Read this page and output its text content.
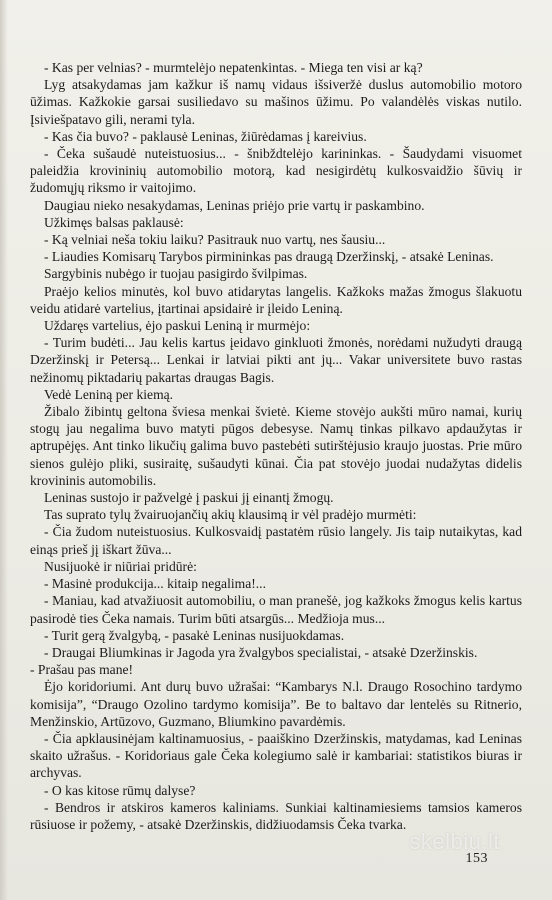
- Kas per velnias? - murmtelėjo nepatenkintas. - Miega ten visi ar ką?

Lyg atsakydamas jam kažkur iš namų vidaus išsiveržė duslus automobilio motoro ūžimas. Kažkokie garsai susiliedavo su mašinos ūžimu. Po valandėlės viskas nutilo. Įsiviešpatavo gili, nerami tyla.

- Kas čia buvo? - paklausė Leninas, žiūrėdamas į kareivius.

- Čeka sušaudė nuteistuosius... - šnibždtelėjo karininkas. - Šaudydami visuomet paleidžia krovininių automobilio motorą, kad nesigirdėtų kulkosvaidžio šūvių ir žudomųjų riksmo ir vaitojimo.

Daugiau nieko nesakydamas, Leninas priėjo prie vartų ir paskambino.

Užkimęs balsas paklausė:

- Ką velniai neša tokiu laiku? Pasitrauk nuo vartų, nes šausiu...

- Liaudies Komisarų Tarybos pirmininkas pas draugą Dzeržinskį, - atsakė Leninas.

Sargybinis nubėgo ir tuojau pasigirdo švilpimas.

Praėjo kelios minutės, kol buvo atidarytas langelis. Kažkoks mažas žmogus šlakuotu veidu atidarė vartelius, įtartinai apsidairė ir įleido Leniną.

Uždaręs vartelius, ėjo paskui Leniną ir murmėjo:

- Turim budėti... Jau kelis kartus įeidavo ginkluoti žmonės, norėdami nužudyti draugą Dzeržinskį ir Petersą... Lenkai ir latviai pikti ant jų... Vakar universitete buvo rastas nežinomų piktadarių pakartas draugas Bagis.

Vedė Leniną per kiemą.

Žibalo žibintų geltona šviesa menkai švietė. Kieme stovėjo aukšti mūro namai, kurių stogų jau negalima buvo matyti pūgos debesyse. Namų tinkas pilkavo apdaužytas ir aptrupėjęs. Ant tinko likučių galima buvo pastebėti sutirštėjusio kraujo juostas. Prie mūro sienos gulėjo pliki, susiraitę, sušaudyti kūnai. Čia pat stovėjo juodai nudažytas didelis krovininis automobilis.

Leninas sustojo ir pažvelgė į paskui jį einantį žmogų.

Tas suprato tylų žvairuojančių akių klausimą ir vėl pradėjo murmėti:

- Čia žudom nuteistuosius. Kulkosvaidį pastatėm rūsio langely. Jis taip nutaikytas, kad einąs prieš jį iškart žūva...

Nusijuokė ir niūriai pridūrė:

- Masinė produkcija... kitaip negalima!...

- Maniau, kad atvažiuosit automobiliu, o man pranešė, jog kažkoks žmogus kelis kartus pasirodė ties Čeka namais. Turim būti atsargūs... Medžioja mus...

- Turit gerą žvalgybą, - pasakė Leninas nusijuokdamas.

- Draugai Bliumkinas ir Jagoda yra žvalgybos specialistai, - atsakė Dzeržinskis.

- Prašau pas mane!

Ėjo koridoriumi. Ant durų buvo užrašai: “Kambarys N.l. Draugo Rosochino tardymo komisija”, “Draugo Ozolino tardymo komisija”. Be to baltavo dar lentelės su Ritnerio, Menžinskio, Artūzovo, Guzmano, Bliumkino pavardėmis.

- Čia apklausinėjam kaltinamuosius, - paaiškino Dzeržinskis, matydamas, kad Leninas skaito užrašus. - Koridoriaus gale Čeka kolegiumo salė ir kambariai: statistikos biuras ir archyvas.

- O kas kitose rūmų dalyse?

- Bendros ir atskiros kameros kaliniams. Sunkiai kaltinamiesiems tamsios kameros rūsiuose ir požemy, - atsakė Dzeržinskis, didžiuodamsis Čeka tvarka.

skelbiu.lt
153
